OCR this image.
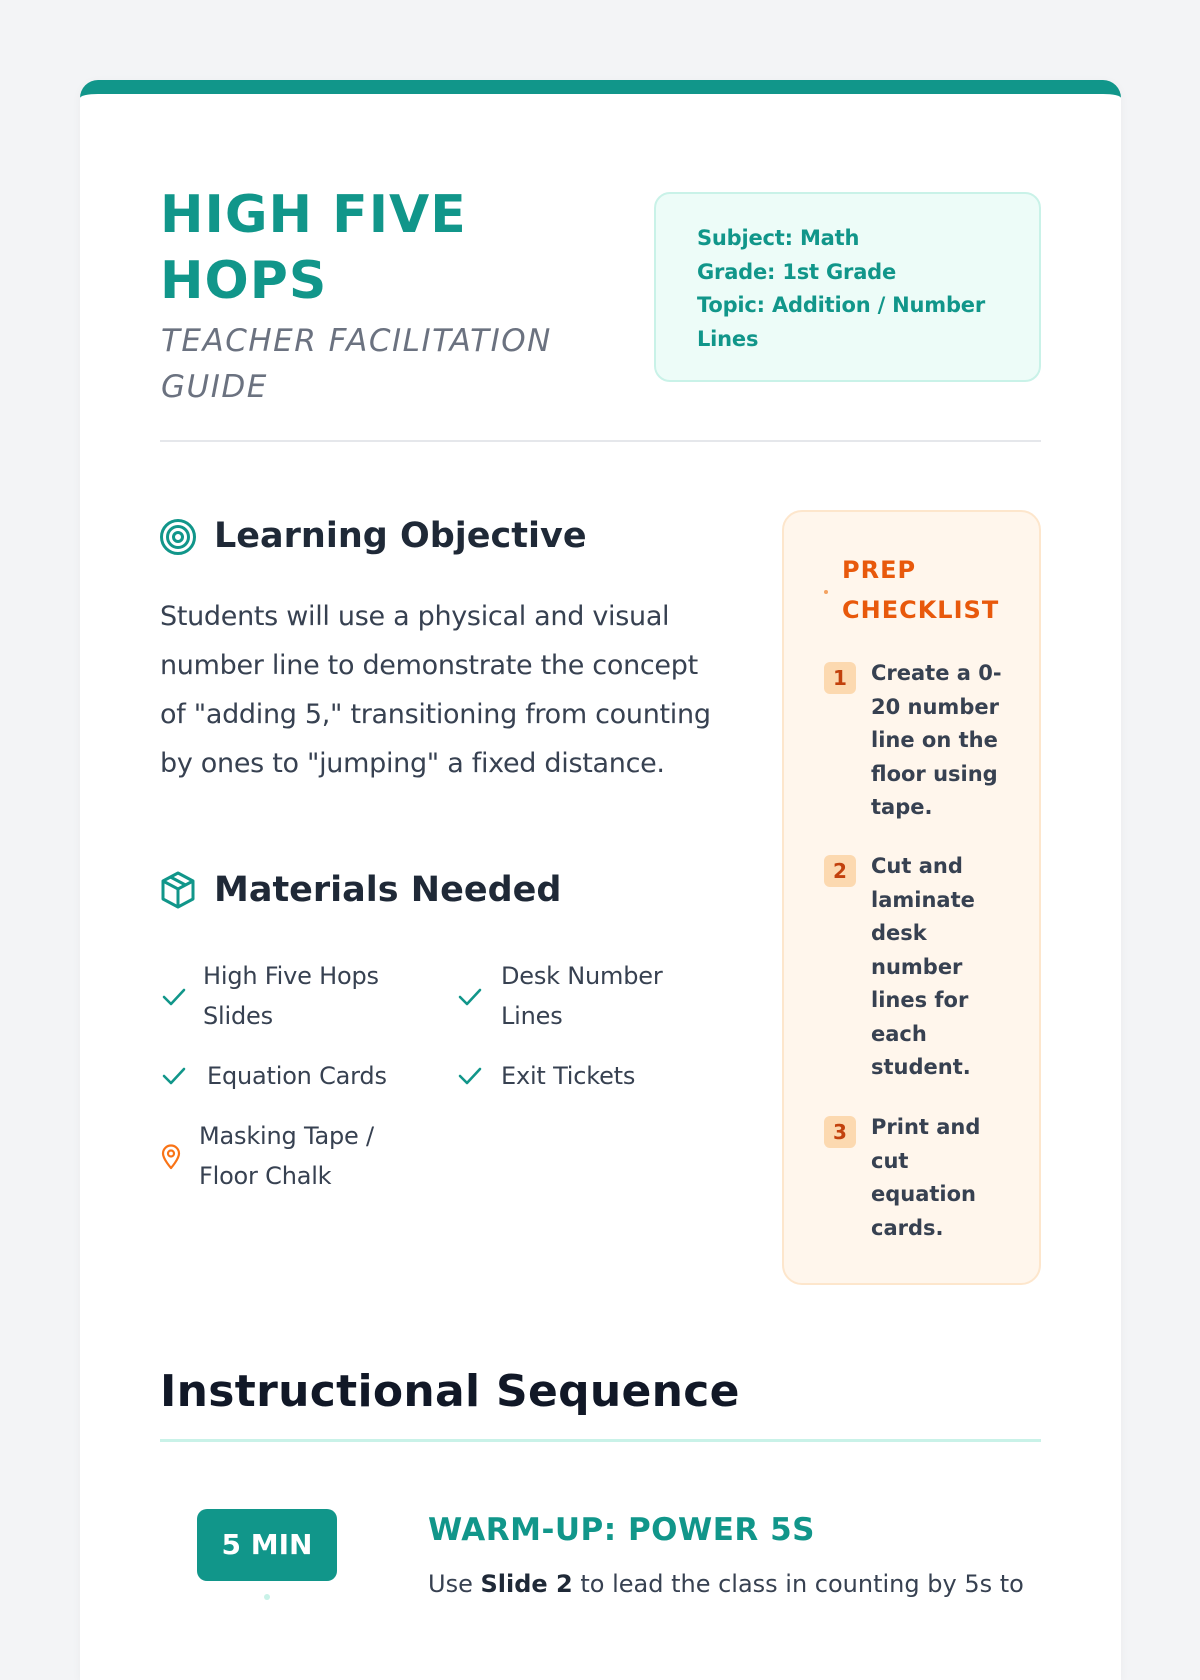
HIGH FIVE HOPS
TEACHER FACILITATION GUIDE
Subject: Math
Grade: 1st Grade
Topic: Addition / Number Lines
Learning Objective
Students will use a physical and visual number line to demonstrate the concept of "adding 5," transitioning from counting by ones to "jumping" a fixed distance.
Materials Needed
High Five Hops Slides
Desk Number Lines
Equation Cards	Exit Tickets
Masking Tape / Floor Chalk
PREP CHECKLIST
1	Create a 0-20 number line on the floor using tape.
2	Cut and laminate desk number lines for each student.
3	Print and cut equation cards.
Instructional Sequence
5 MIN	WARM-UP: POWER 5S
Use Slide 2 to lead the class in counting by 5s to
